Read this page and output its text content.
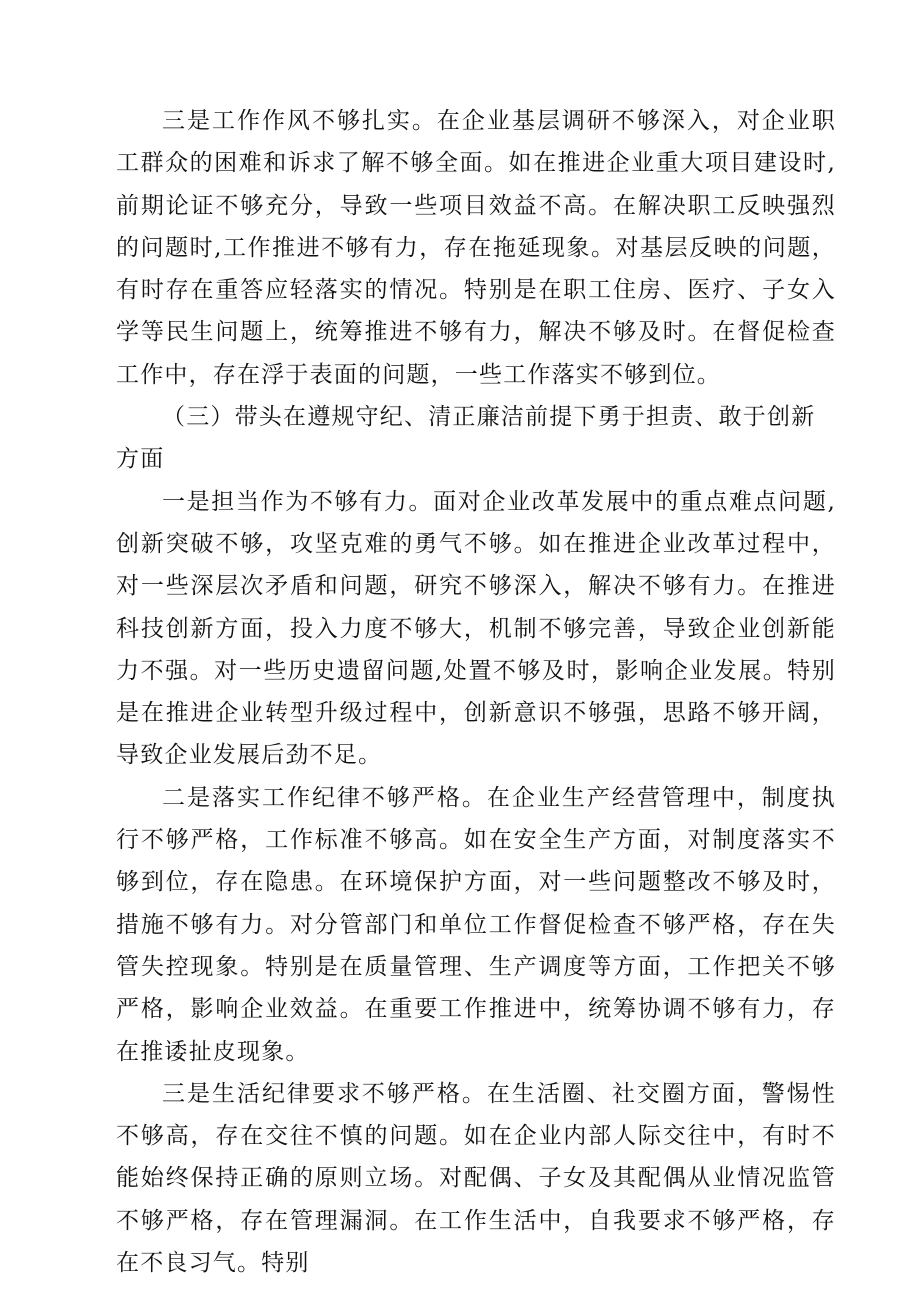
三是工作作风不够扎实。在企业基层调研不够深入，对企业职工群众的困难和诉求了解不够全面。如在推进企业重大项目建设时,前期论证不够充分，导致一些项目效益不高。在解决职工反映强烈的问题时,工作推进不够有力，存在拖延现象。对基层反映的问题，有时存在重答应轻落实的情况。特别是在职工住房、医疗、子女入学等民生问题上，统筹推进不够有力，解决不够及时。在督促检查工作中，存在浮于表面的问题，一些工作落实不够到位。

（三）带头在遵规守纪、清正廉洁前提下勇于担责、敢于创新方面

一是担当作为不够有力。面对企业改革发展中的重点难点问题,创新突破不够，攻坚克难的勇气不够。如在推进企业改革过程中，对一些深层次矛盾和问题，研究不够深入，解决不够有力。在推进科技创新方面，投入力度不够大，机制不够完善，导致企业创新能力不强。对一些历史遗留问题,处置不够及时，影响企业发展。特别是在推进企业转型升级过程中，创新意识不够强，思路不够开阔，导致企业发展后劲不足。

二是落实工作纪律不够严格。在企业生产经营管理中，制度执行不够严格，工作标准不够高。如在安全生产方面，对制度落实不够到位，存在隐患。在环境保护方面，对一些问题整改不够及时，措施不够有力。对分管部门和单位工作督促检查不够严格，存在失管失控现象。特别是在质量管理、生产调度等方面，工作把关不够严格，影响企业效益。在重要工作推进中，统筹协调不够有力，存在推诿扯皮现象。

三是生活纪律要求不够严格。在生活圈、社交圈方面，警惕性不够高，存在交往不慎的问题。如在企业内部人际交往中，有时不能始终保持正确的原则立场。对配偶、子女及其配偶从业情况监管不够严格，存在管理漏洞。在工作生活中，自我要求不够严格，存在不良习气。特别
